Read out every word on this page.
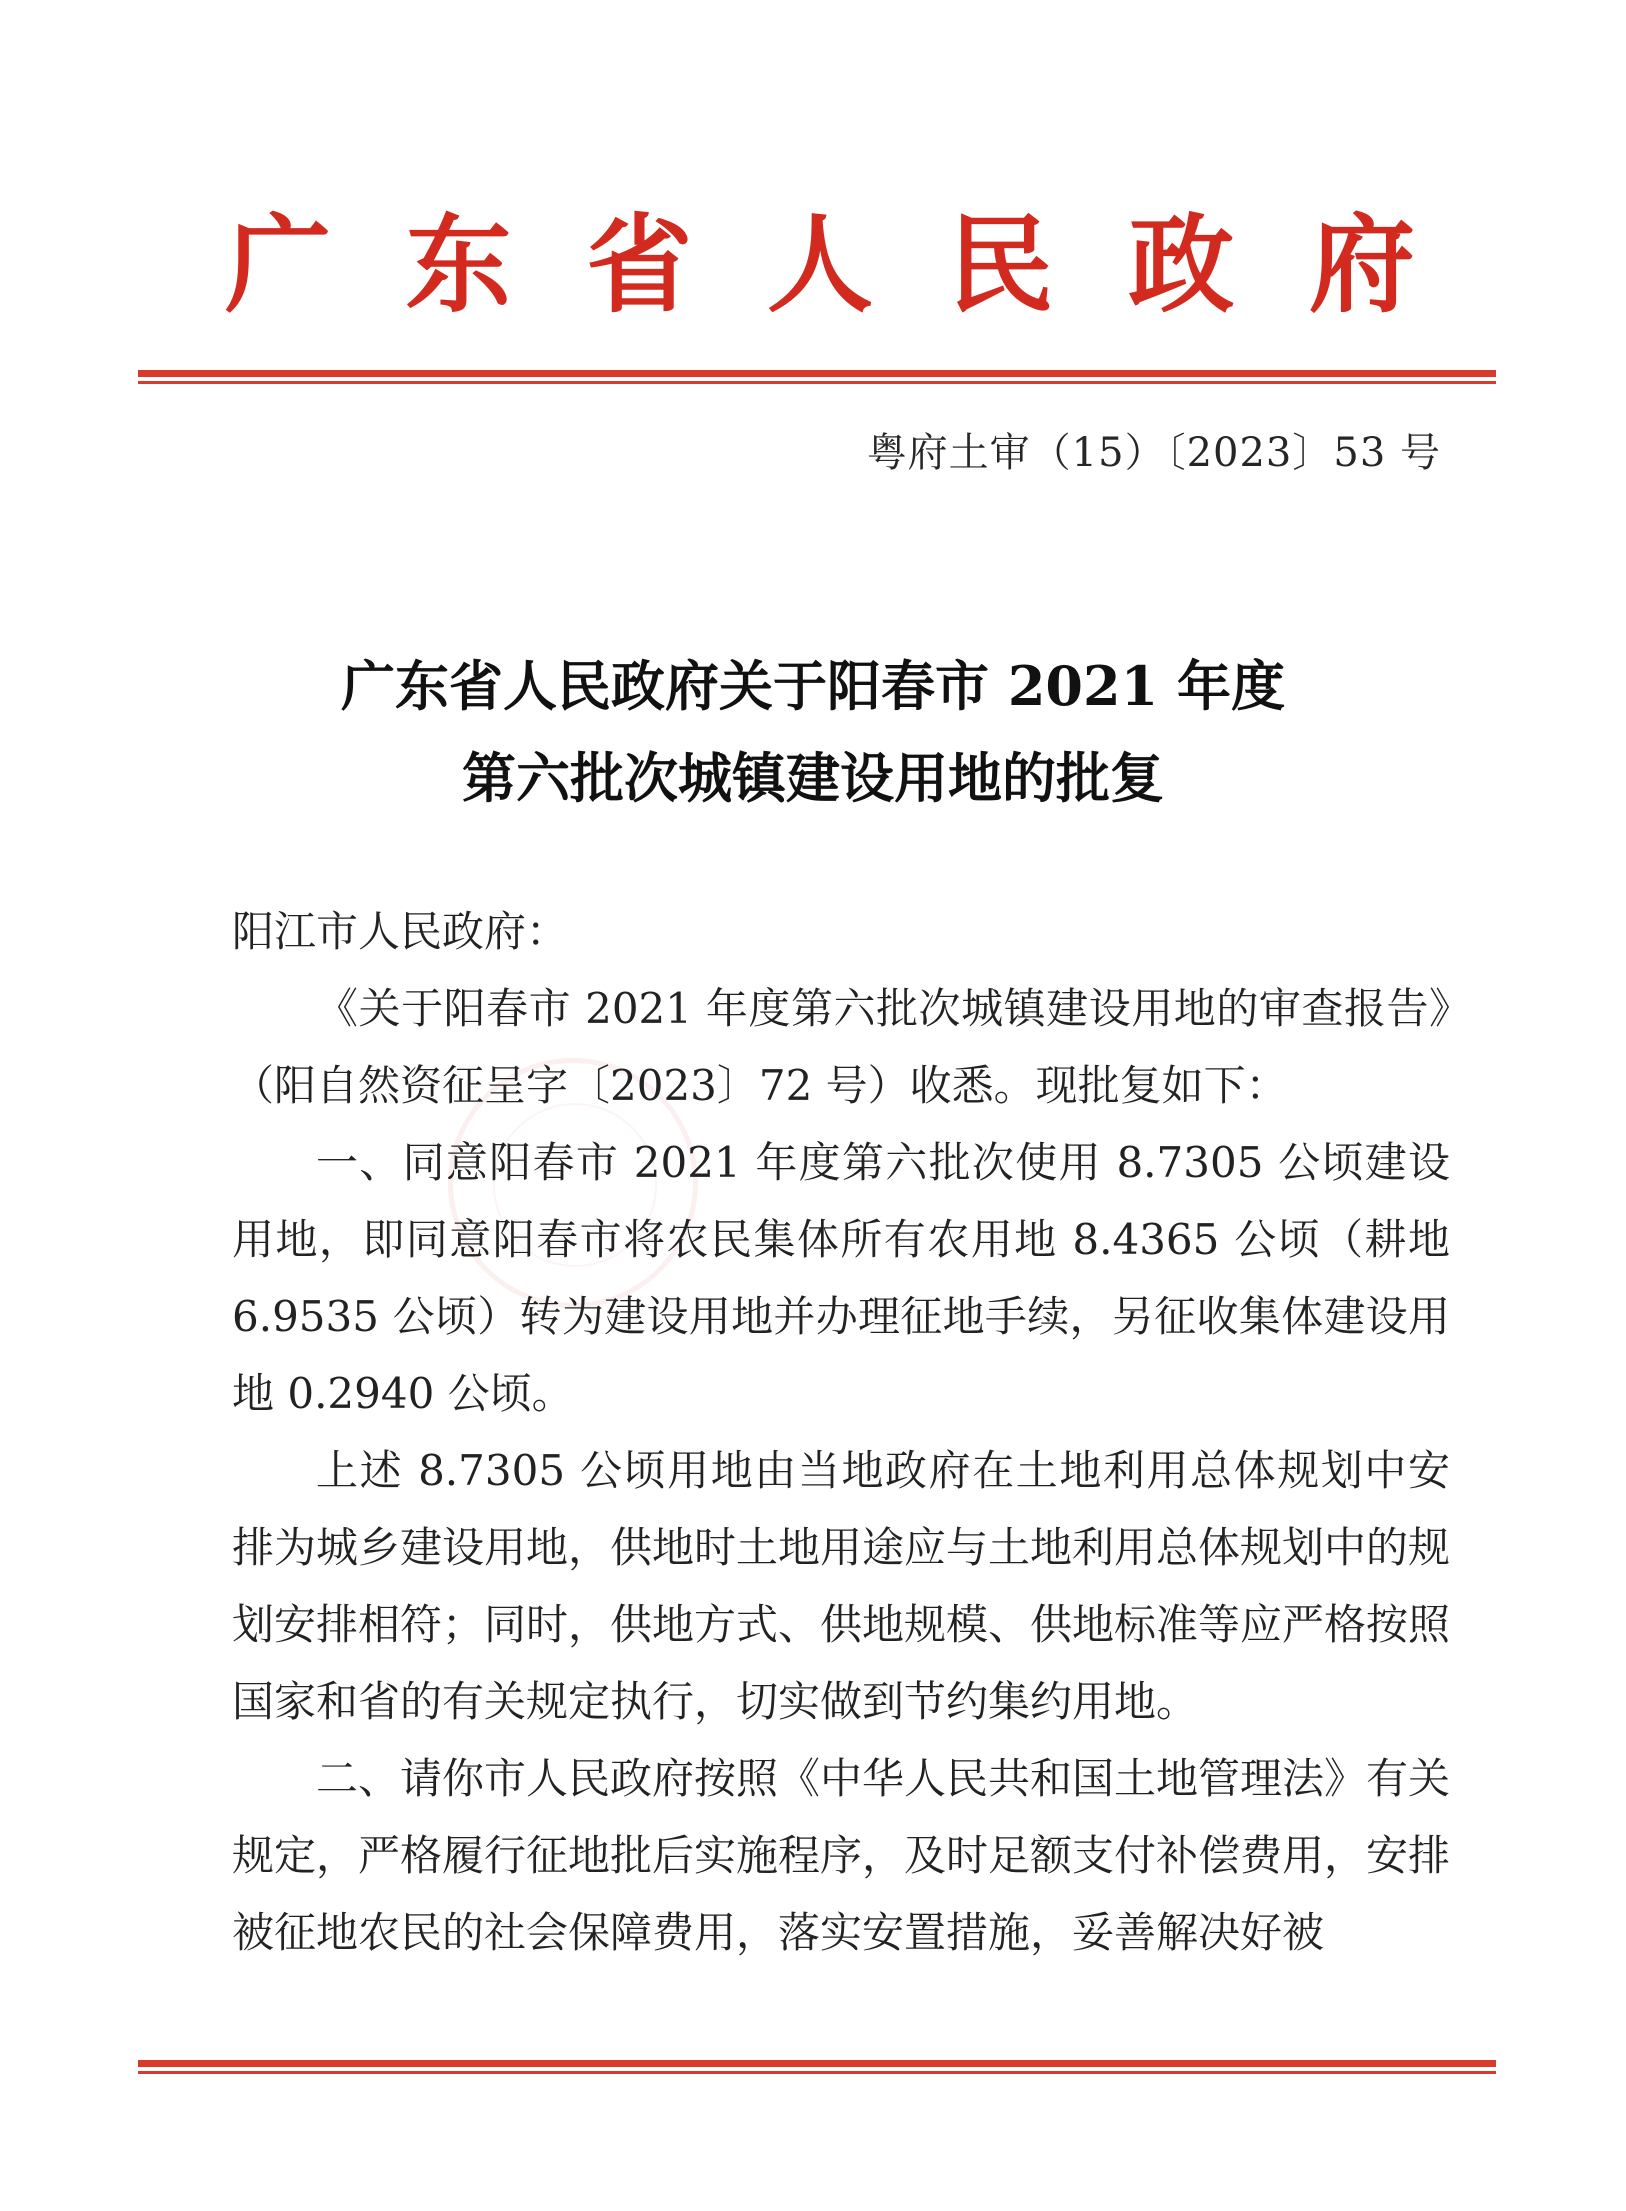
广 东 省 人 民 政 府
粤府土审（15）〔2023〕53 号
广东省人民政府关于阳春市 2021 年度
第六批次城镇建设用地的批复

阳江市人民政府：

《关于阳春市 2021 年度第六批次城镇建设用地的审查报告》（阳自然资征呈字〔2023〕72 号）收悉。现批复如下：

一、同意阳春市 2021 年度第六批次使用 8.7305 公顷建设用地，即同意阳春市将农民集体所有农用地 8.4365 公顷（耕地 6.9535 公顷）转为建设用地并办理征地手续，另征收集体建设用地 0.2940 公顷。

上述 8.7305 公顷用地由当地政府在土地利用总体规划中安排为城乡建设用地，供地时土地用途应与土地利用总体规划中的规划安排相符；同时，供地方式、供地规模、供地标准等应严格按照国家和省的有关规定执行，切实做到节约集约用地。

二、请你市人民政府按照《中华人民共和国土地管理法》有关规定，严格履行征地批后实施程序，及时足额支付补偿费用，安排被征地农民的社会保障费用，落实安置措施，妥善解决好被
